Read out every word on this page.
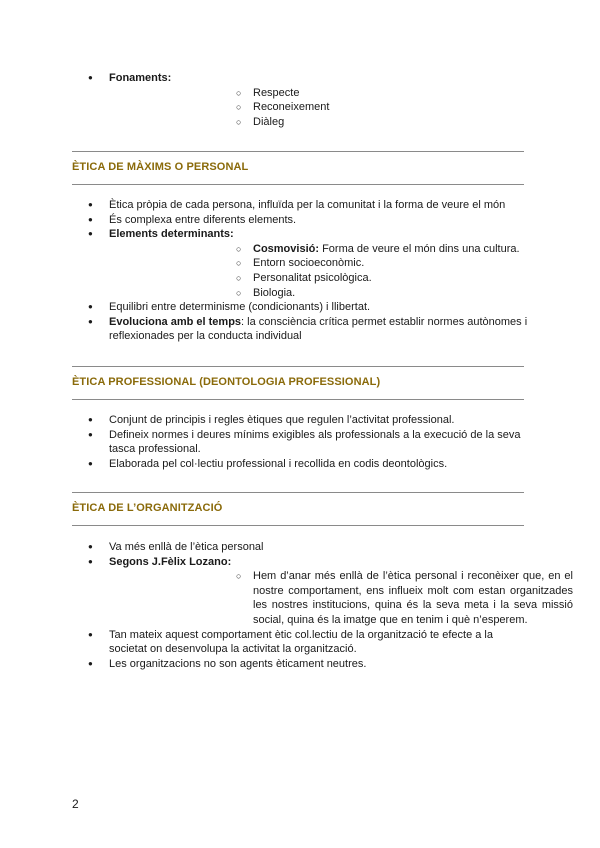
● Fonaments:
○ Respecte
○ Reconeixement
○ Diàleg
ÈTICA DE MÀXIMS O PERSONAL
● Ètica pròpia de cada persona, influïda per la comunitat i la forma de veure el món
● És complexa entre diferents elements.
● Elements determinants:
○ Cosmovisió: Forma de veure el món dins una cultura.
○ Entorn socioeconòmic.
○ Personalitat psicològica.
○ Biologia.
● Equilibri entre determinisme (condicionants) i llibertat.
● Evoluciona amb el temps: la consciència crítica permet establir normes autònomes i reflexionades per la conducta individual
ÈTICA PROFESSIONAL (DEONTOLOGIA PROFESSIONAL)
● Conjunt de principis i regles ètiques que regulen l’activitat professional.
● Defineix normes i deures mínims exigibles als professionals a la execució de la seva tasca professional.
● Elaborada pel col·lectiu professional i recollida en codis deontològics.
ÈTICA DE L’ORGANITZACIÓ
● Va més enllà de l’ètica personal
● Segons J.Fèlix Lozano:
○ Hem d’anar més enllà de l’ètica personal i reconèixer que, en el nostre comportament, ens influeix molt com estan organitzades les nostres institucions, quina és la seva meta i la seva missió social, quina és la imatge que en tenim i què n’esperem.
● Tan mateix aquest comportament ètic col.lectiu de la organització te efecte a la societat on desenvolupa la activitat la organització.
● Les organitzacions no son agents èticament neutres.
2
